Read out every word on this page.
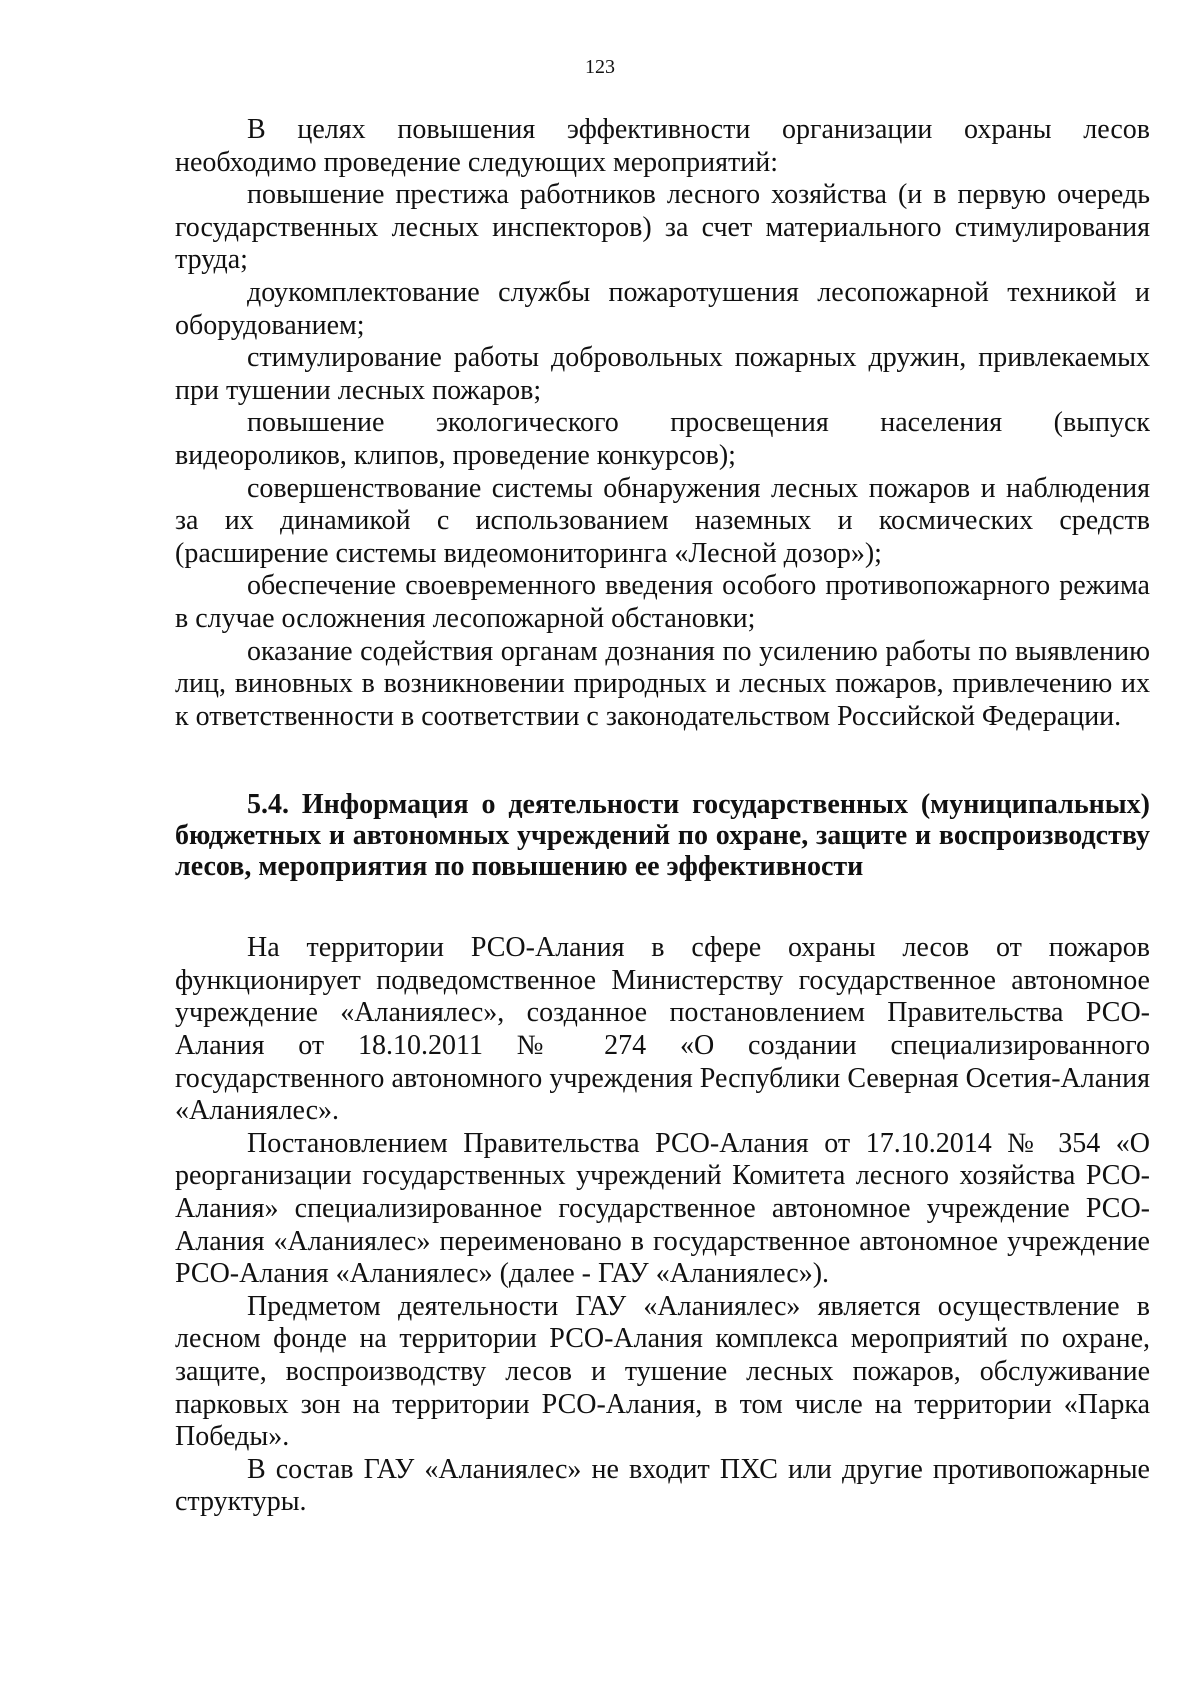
123

В целях повышения эффективности организации охраны лесов необходимо проведение следующих мероприятий:

повышение престижа работников лесного хозяйства (и в первую очередь государственных лесных инспекторов) за счет материального стимулирования труда;

доукомплектование службы пожаротушения лесопожарной техникой и оборудованием;

стимулирование работы добровольных пожарных дружин, привлекаемых при тушении лесных пожаров;

повышение экологического просвещения населения (выпуск видеороликов, клипов, проведение конкурсов);

совершенствование системы обнаружения лесных пожаров и наблюдения за их динамикой с использованием наземных и космических средств (расширение системы видеомониторинга «Лесной дозор»);

обеспечение своевременного введения особого противопожарного режима в случае осложнения лесопожарной обстановки;

оказание содействия органам дознания по усилению работы по выявлению лиц, виновных в возникновении природных и лесных пожаров, привлечению их к ответственности в соответствии с законодательством Российской Федерации.

5.4. Информация о деятельности государственных (муниципальных) бюджетных и автономных учреждений по охране, защите и воспроизводству лесов, мероприятия по повышению ее эффективности

На территории РСО-Алания в сфере охраны лесов от пожаров функционирует подведомственное Министерству государственное автономное учреждение «Аланиялес», созданное постановлением Правительства РСО-Алания от 18.10.2011 № 274 «О создании специализированного государственного автономного учреждения Республики Северная Осетия-Алания «Аланиялес».

Постановлением Правительства РСО-Алания от 17.10.2014 № 354 «О реорганизации государственных учреждений Комитета лесного хозяйства РСО-Алания» специализированное государственное автономное учреждение РСО-Алания «Аланиялес» переименовано в государственное автономное учреждение РСО-Алания «Аланиялес» (далее - ГАУ «Аланиялес»).

Предметом деятельности ГАУ «Аланиялес» является осуществление в лесном фонде на территории РСО-Алания комплекса мероприятий по охране, защите, воспроизводству лесов и тушение лесных пожаров, обслуживание парковых зон на территории РСО-Алания, в том числе на территории «Парка Победы».

В состав ГАУ «Аланиялес» не входит ПХС или другие противопожарные структуры.
